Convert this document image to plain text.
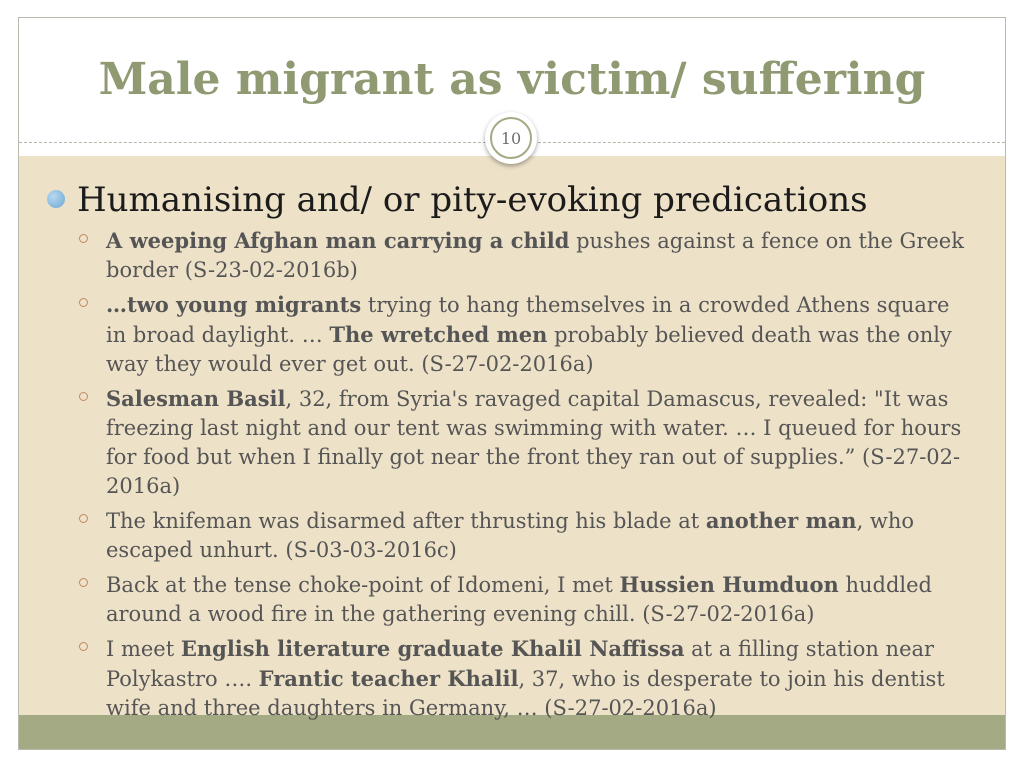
Male migrant as victim/ suffering
10
Humanising and/ or pity-evoking predications
A weeping Afghan man carrying a child pushes against a fence on the Greek border (S-23-02-2016b)
…two young migrants trying to hang themselves in a crowded Athens square in broad daylight. … The wretched men probably believed death was the only way they would ever get out. (S-27-02-2016a)
Salesman Basil, 32, from Syria's ravaged capital Damascus, revealed: "It was freezing last night and our tent was swimming with water. … I queued for hours for food but when I finally got near the front they ran out of supplies.” (S-27-02-2016a)
The knifeman was disarmed after thrusting his blade at another man, who escaped unhurt. (S-03-03-2016c)
Back at the tense choke-point of Idomeni, I met Hussien Humduon huddled around a wood fire in the gathering evening chill. (S-27-02-2016a)
I meet English literature graduate Khalil Naffissa at a filling station near Polykastro …. Frantic teacher Khalil, 37, who is desperate to join his dentist wife and three daughters in Germany, … (S-27-02-2016a)
